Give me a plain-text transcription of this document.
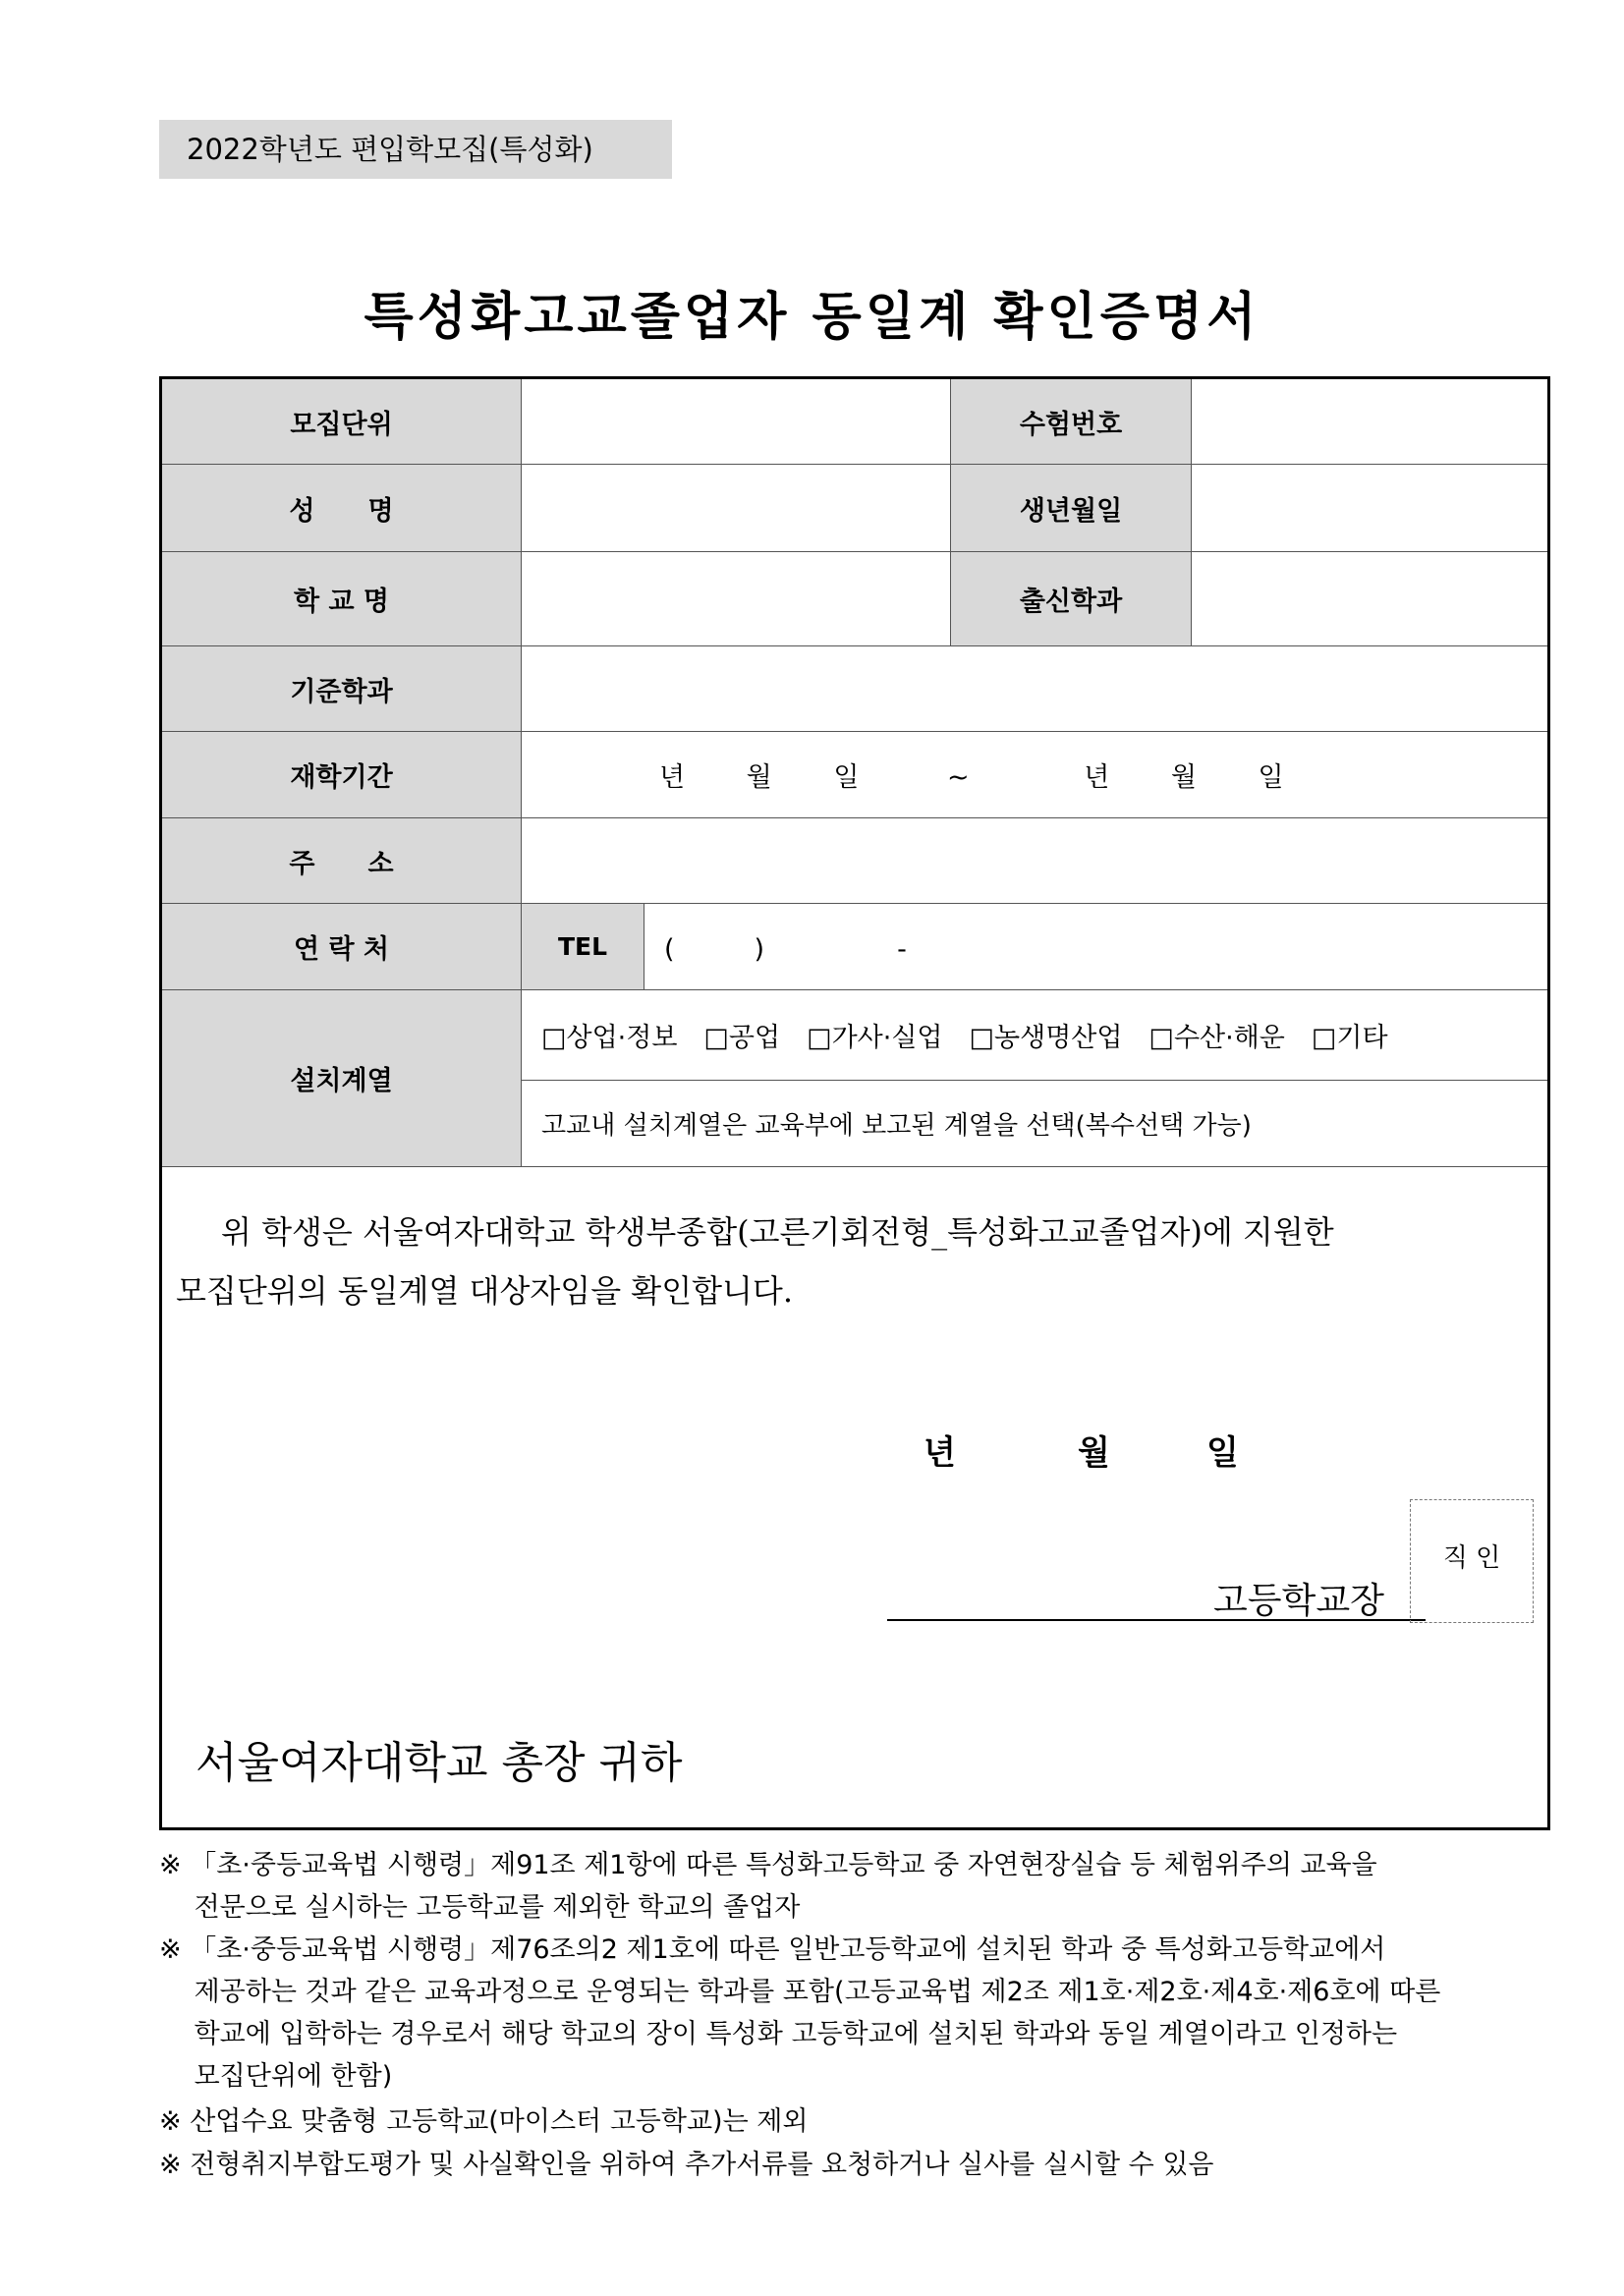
2022학년도 편입학모집(특성화)
특성화고교졸업자 동일계 확인증명서
모집단위	수험번호
성　　명	생년월일
학 교 명	출신학과
기준학과
재학기간	년　　 월　　 일　　　 ~　　　　 년　　 월　　 일
주　　소
연 락 처	TEL	(　　　)　　　　　-
설치계열
□상업·정보　□공업　□가사·실업　□농생명산업　□수산·해운　□기타
고교내 설치계열은 교육부에 보고된 계열을 선택(복수선택 가능)
위 학생은 서울여자대학교 학생부종합(고른기회전형_특성화고교졸업자)에 지원한
모집단위의 동일계열 대상자임을 확인합니다.
년	월	일
고등학교장
직 인
서울여자대학교 총장 귀하
※ 「초·중등교육법 시행령」제91조 제1항에 따른 특성화고등학교 중 자연현장실습 등 체험위주의 교육을
　 전문으로 실시하는 고등학교를 제외한 학교의 졸업자
※ 「초·중등교육법 시행령」제76조의2 제1호에 따른 일반고등학교에 설치된 학과 중 특성화고등학교에서
　 제공하는 것과 같은 교육과정으로 운영되는 학과를 포함(고등교육법 제2조 제1호·제2호·제4호·제6호에 따른
　 학교에 입학하는 경우로서 해당 학교의 장이 특성화 고등학교에 설치된 학과와 동일 계열이라고 인정하는
　 모집단위에 한함)
※ 산업수요 맞춤형 고등학교(마이스터 고등학교)는 제외
※ 전형취지부합도평가 및 사실확인을 위하여 추가서류를 요청하거나 실사를 실시할 수 있음
